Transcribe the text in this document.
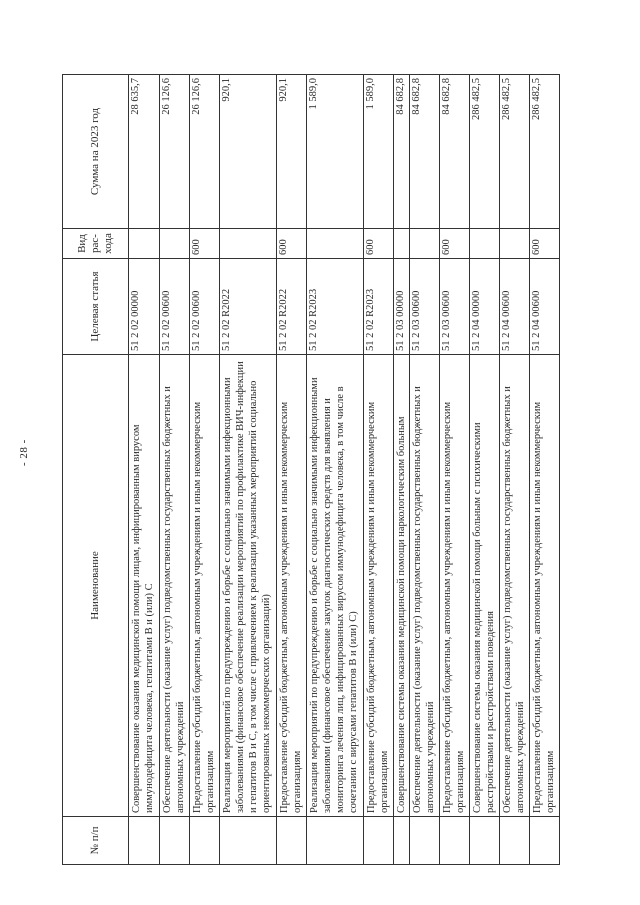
- 28 -
№ п/п	Наименование	Целевая статья	Вид рас- хода	Сумма на 2023 год
	Совершенствование оказания медицинской помощи лицам, инфицированным вирусом иммунодефицита человека, гепатитами B и (или) C	51 2 02 00000		28 635,7
	Обеспечение деятельности (оказание услуг) подведомственных государственных бюджетных и автономных учреждений	51 2 02 00600		26 126,6
	Предоставление субсидий бюджетным, автономным учреждениям и иным некоммерческим организациям	51 2 02 00600	600	26 126,6
	Реализация мероприятий по предупреждению и борьбе с социально значимыми инфекционными заболеваниями (финансовое обеспечение реализации мероприятий по профилактике ВИЧ-инфекции и гепатитов B и C, в том числе с привлечением к реализации указанных мероприятий социально ориентированных некоммерческих организаций)	51 2 02 R2022		920,1
	Предоставление субсидий бюджетным, автономным учреждениям и иным некоммерческим организациям	51 2 02 R2022	600	920,1
	Реализация мероприятий по предупреждению и борьбе с социально значимыми инфекционными заболеваниями (финансовое обеспечение закупок диагностических средств для выявления и мониторинга лечения лиц, инфицированных вирусом иммунодефицита человека, в том числе в сочетании с вирусами гепатитов B и (или) C)	51 2 02 R2023		1 589,0
	Предоставление субсидий бюджетным, автономным учреждениям и иным некоммерческим организациям	51 2 02 R2023	600	1 589,0
	Совершенствование системы оказания медицинской помощи наркологическим больным	51 2 03 00000		84 682,8
	Обеспечение деятельности (оказание услуг) подведомственных государственных бюджетных и автономных учреждений	51 2 03 00600		84 682,8
	Предоставление субсидий бюджетным, автономным учреждениям и иным некоммерческим организациям	51 2 03 00600	600	84 682,8
	Совершенствование системы оказания медицинской помощи больным с психическими расстройствами и расстройствами поведения	51 2 04 00000		286 482,5
	Обеспечение деятельности (оказание услуг) подведомственных государственных бюджетных и автономных учреждений	51 2 04 00600		286 482,5
	Предоставление субсидий бюджетным, автономным учреждениям и иным некоммерческим организациям	51 2 04 00600	600	286 482,5
